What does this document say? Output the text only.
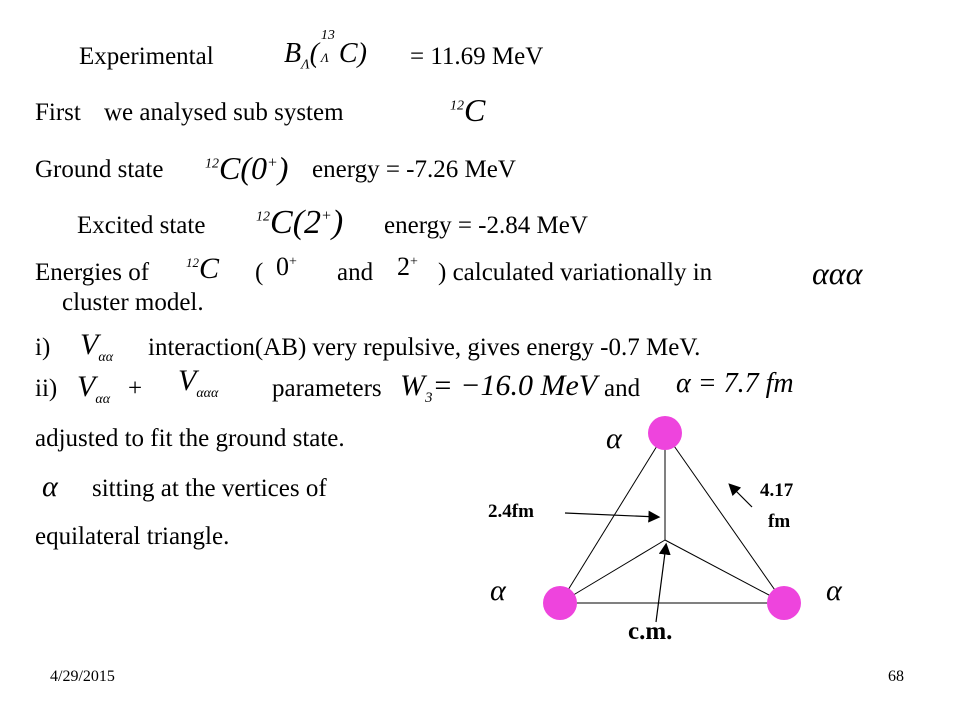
Experimental	$B_\Lambda$(
13
Λ C) = 11.69 MeV
First we analysed sub system	$^{12}$C
Ground state	$^{12}$C(0+) energy = -7.26 MeV
Excited state	$^{12}$C(2+) energy = -2.84 MeV
Energies of	$^{12}$C ( 0+ and 2+ ) calculated variationally in	ααα
cluster model.
i) $V_{\alpha\alpha}$ interaction(AB) very repulsive, gives energy -0.7 MeV.
ii) $V_{\alpha\alpha} + V_{\alpha\alpha\alpha}$ parameters $W_3= -16.0$ MeV and α = 7.7 fm
adjusted to fit the ground state.
α sitting at the vertices of
equilateral triangle.
α
α	α
2.4fm
4.17
fm
c.m.
4/29/2015	68
